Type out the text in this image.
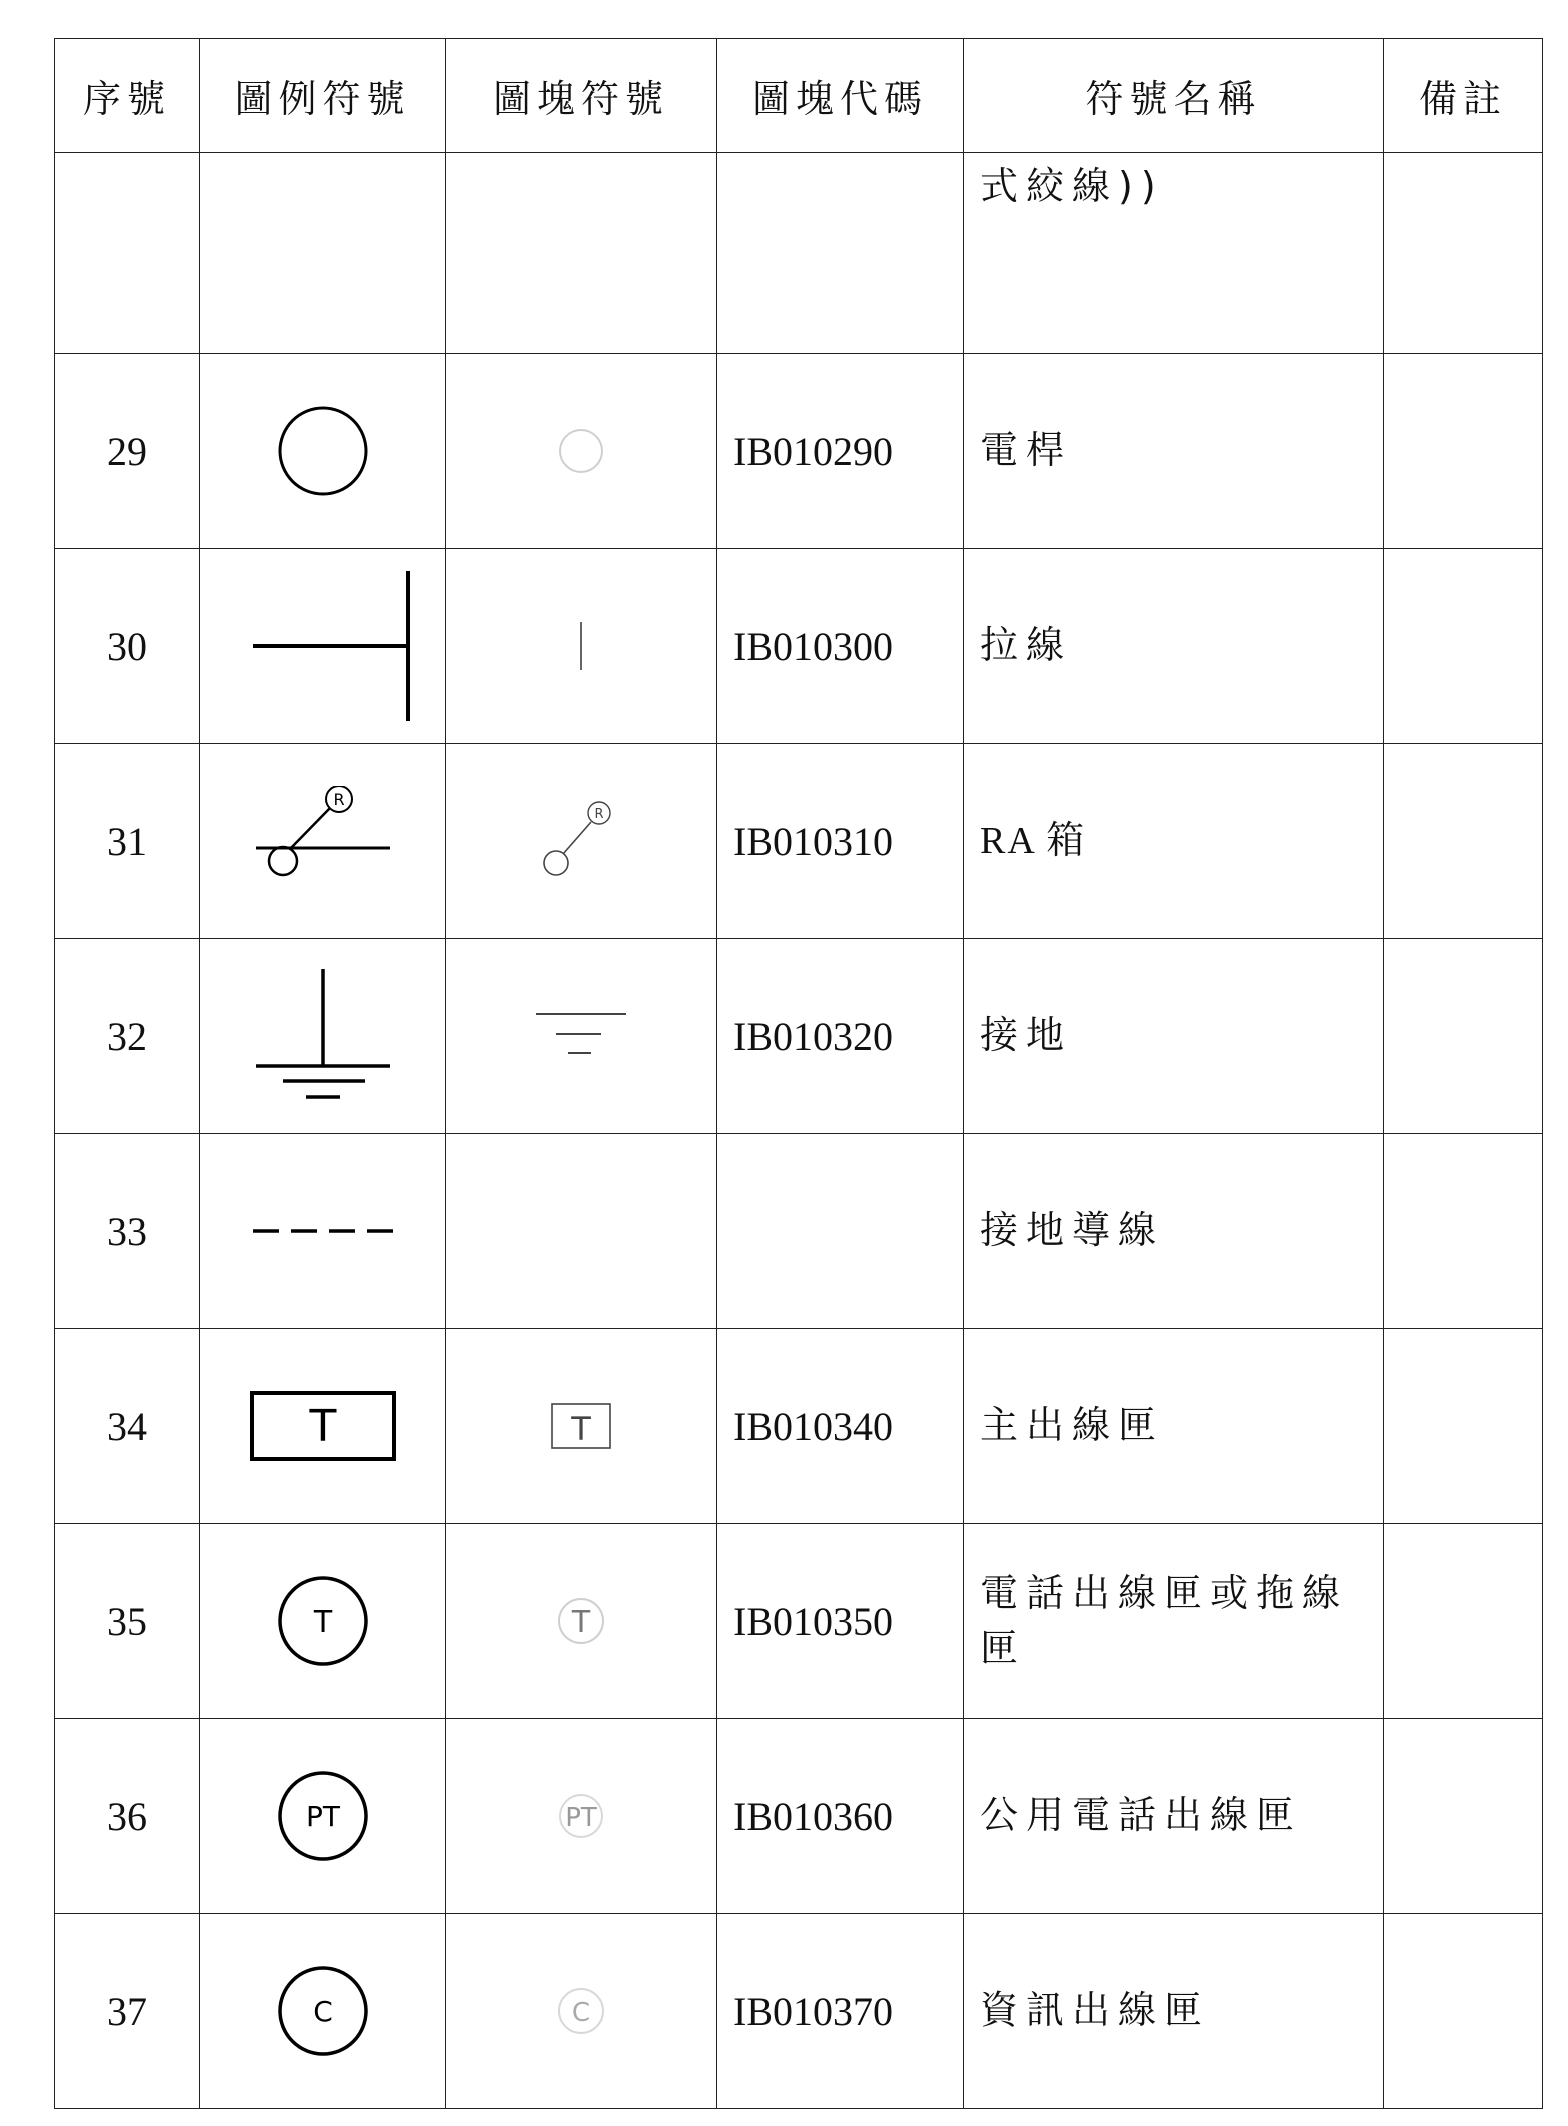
序號	圖例符號	圖塊符號	圖塊代碼	符號名稱	備註
				式絞線))	
29			IB010290	電桿	
30			IB010300	拉線	
31	R	R	IB010310	RA 箱	
32			IB010320	接地	
33				接地導線	
34	T	T	IB010340	主出線匣	
35	T	T	IB010350	電話出線匣或拖線匣	
36	PT	PT	IB010360	公用電話出線匣	
37	C	C	IB010370	資訊出線匣	
